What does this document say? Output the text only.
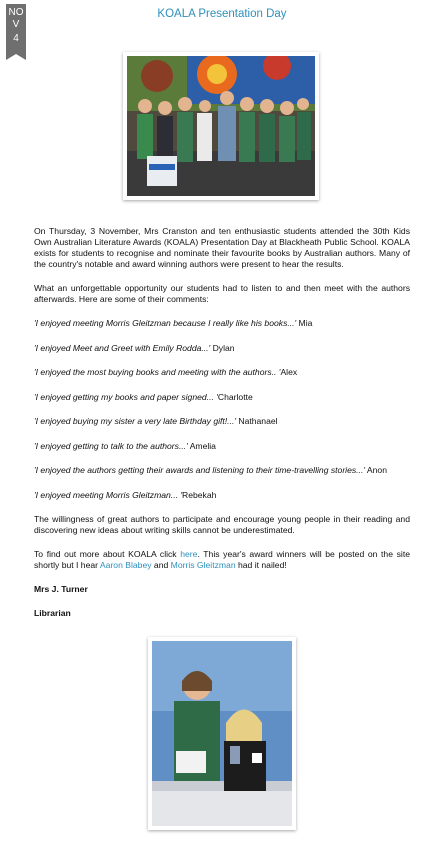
NO
V
4
KOALA Presentation Day

On Thursday, 3 November, Mrs Cranston and ten enthusiastic students attended the 30th Kids Own Australian Literature Awards (KOALA) Presentation Day at Blackheath Public School. KOALA exists for students to recognise and nominate their favourite books by Australian authors. Many of the country's notable and award winning authors were present to hear the results.

What an unforgettable opportunity our students had to listen to and then meet with the authors afterwards. Here are some of their comments:

'I enjoyed meeting Morris Gleitzman because I really like his books...' Mia

'I enjoyed Meet and Greet with Emily Rodda...' Dylan

'I enjoyed the most buying books and meeting with the authors.. 'Alex

'I enjoyed getting my books and paper signed... 'Charlotte

'I enjoyed buying my sister a very late Birthday gift!...' Nathanael

'I enjoyed getting to talk to the authors...' Amelia

'I enjoyed the authors getting their awards and listening to their time-travelling stories...' Anon

'I enjoyed meeting Morris Gleitzman... 'Rebekah

The willingness of great authors to participate and encourage young people in their reading and discovering new ideas about writing skills cannot be underestimated.

To find out more about KOALA click here. This year's award winners will be posted on the site shortly but I hear Aaron Blabey and Morris Gleitzman had it nailed!

Mrs J. Turner

Librarian
